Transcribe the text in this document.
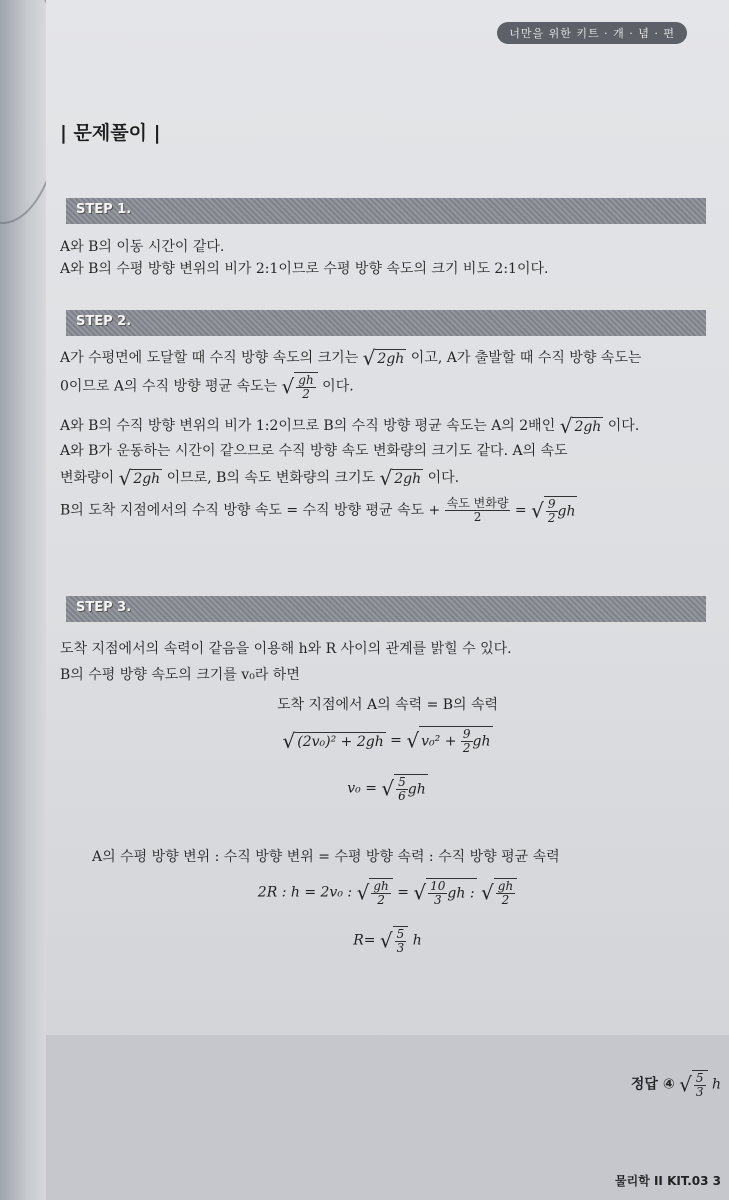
너만을 위한 키트 · 개 · 념 · 편
| 문제풀이 |
STEP 1.
A와 B의 이동 시간이 같다.
A와 B의 수평 방향 변위의 비가 2:1이므로 수평 방향 속도의 크기 비도 2:1이다.
STEP 2.
A가 수평면에 도달할 때 수직 방향 속도의 크기는 √ 2gh 이고, A가 출발할 때 수직 방향 속도는
0이므로 A의 수직 방향 평균 속도는 √ $\frac{gh}{2}$ 이다.
A와 B의 수직 방향 변위의 비가 1:2이므로 B의 수직 방향 평균 속도는 A의 2배인 √ 2gh 이다.
A와 B가 운동하는 시간이 같으므로 수직 방향 속도 변화량의 크기도 같다. A의 속도
변화량이 √ 2gh 이므로, B의 속도 변화량의 크기도 √ 2gh 이다.
B의 도착 지점에서의 수직 방향 속도 = 수직 방향 평균 속도 + $\frac{\text{속도 변화량}}{2}$ = √ $\frac{9}{2}$ gh
STEP 3.
도착 지점에서의 속력이 같음을 이용해 h와 R 사이의 관계를 밝힐 수 있다.
B의 수평 방향 속도의 크기를 v₀라 하면
도착 지점에서 A의 속력 = B의 속력
√ (2v₀)² + 2gh = √ $v_0^2 + \frac{9}{2}$ gh
v₀ = √ $\frac{5}{6}$ gh
A의 수평 방향 변위 : 수직 방향 변위 = 수평 방향 속력 : 수직 방향 평균 속력
2R : h = 2v₀ : √ $\frac{gh}{2}$ = √ $\frac{10}{3}$ gh : √ $\frac{gh}{2}$
R= √ $\frac{5}{3}$ h
정답 ④ √ $\frac{5}{3}$ h
물리학 II KIT.03 3
